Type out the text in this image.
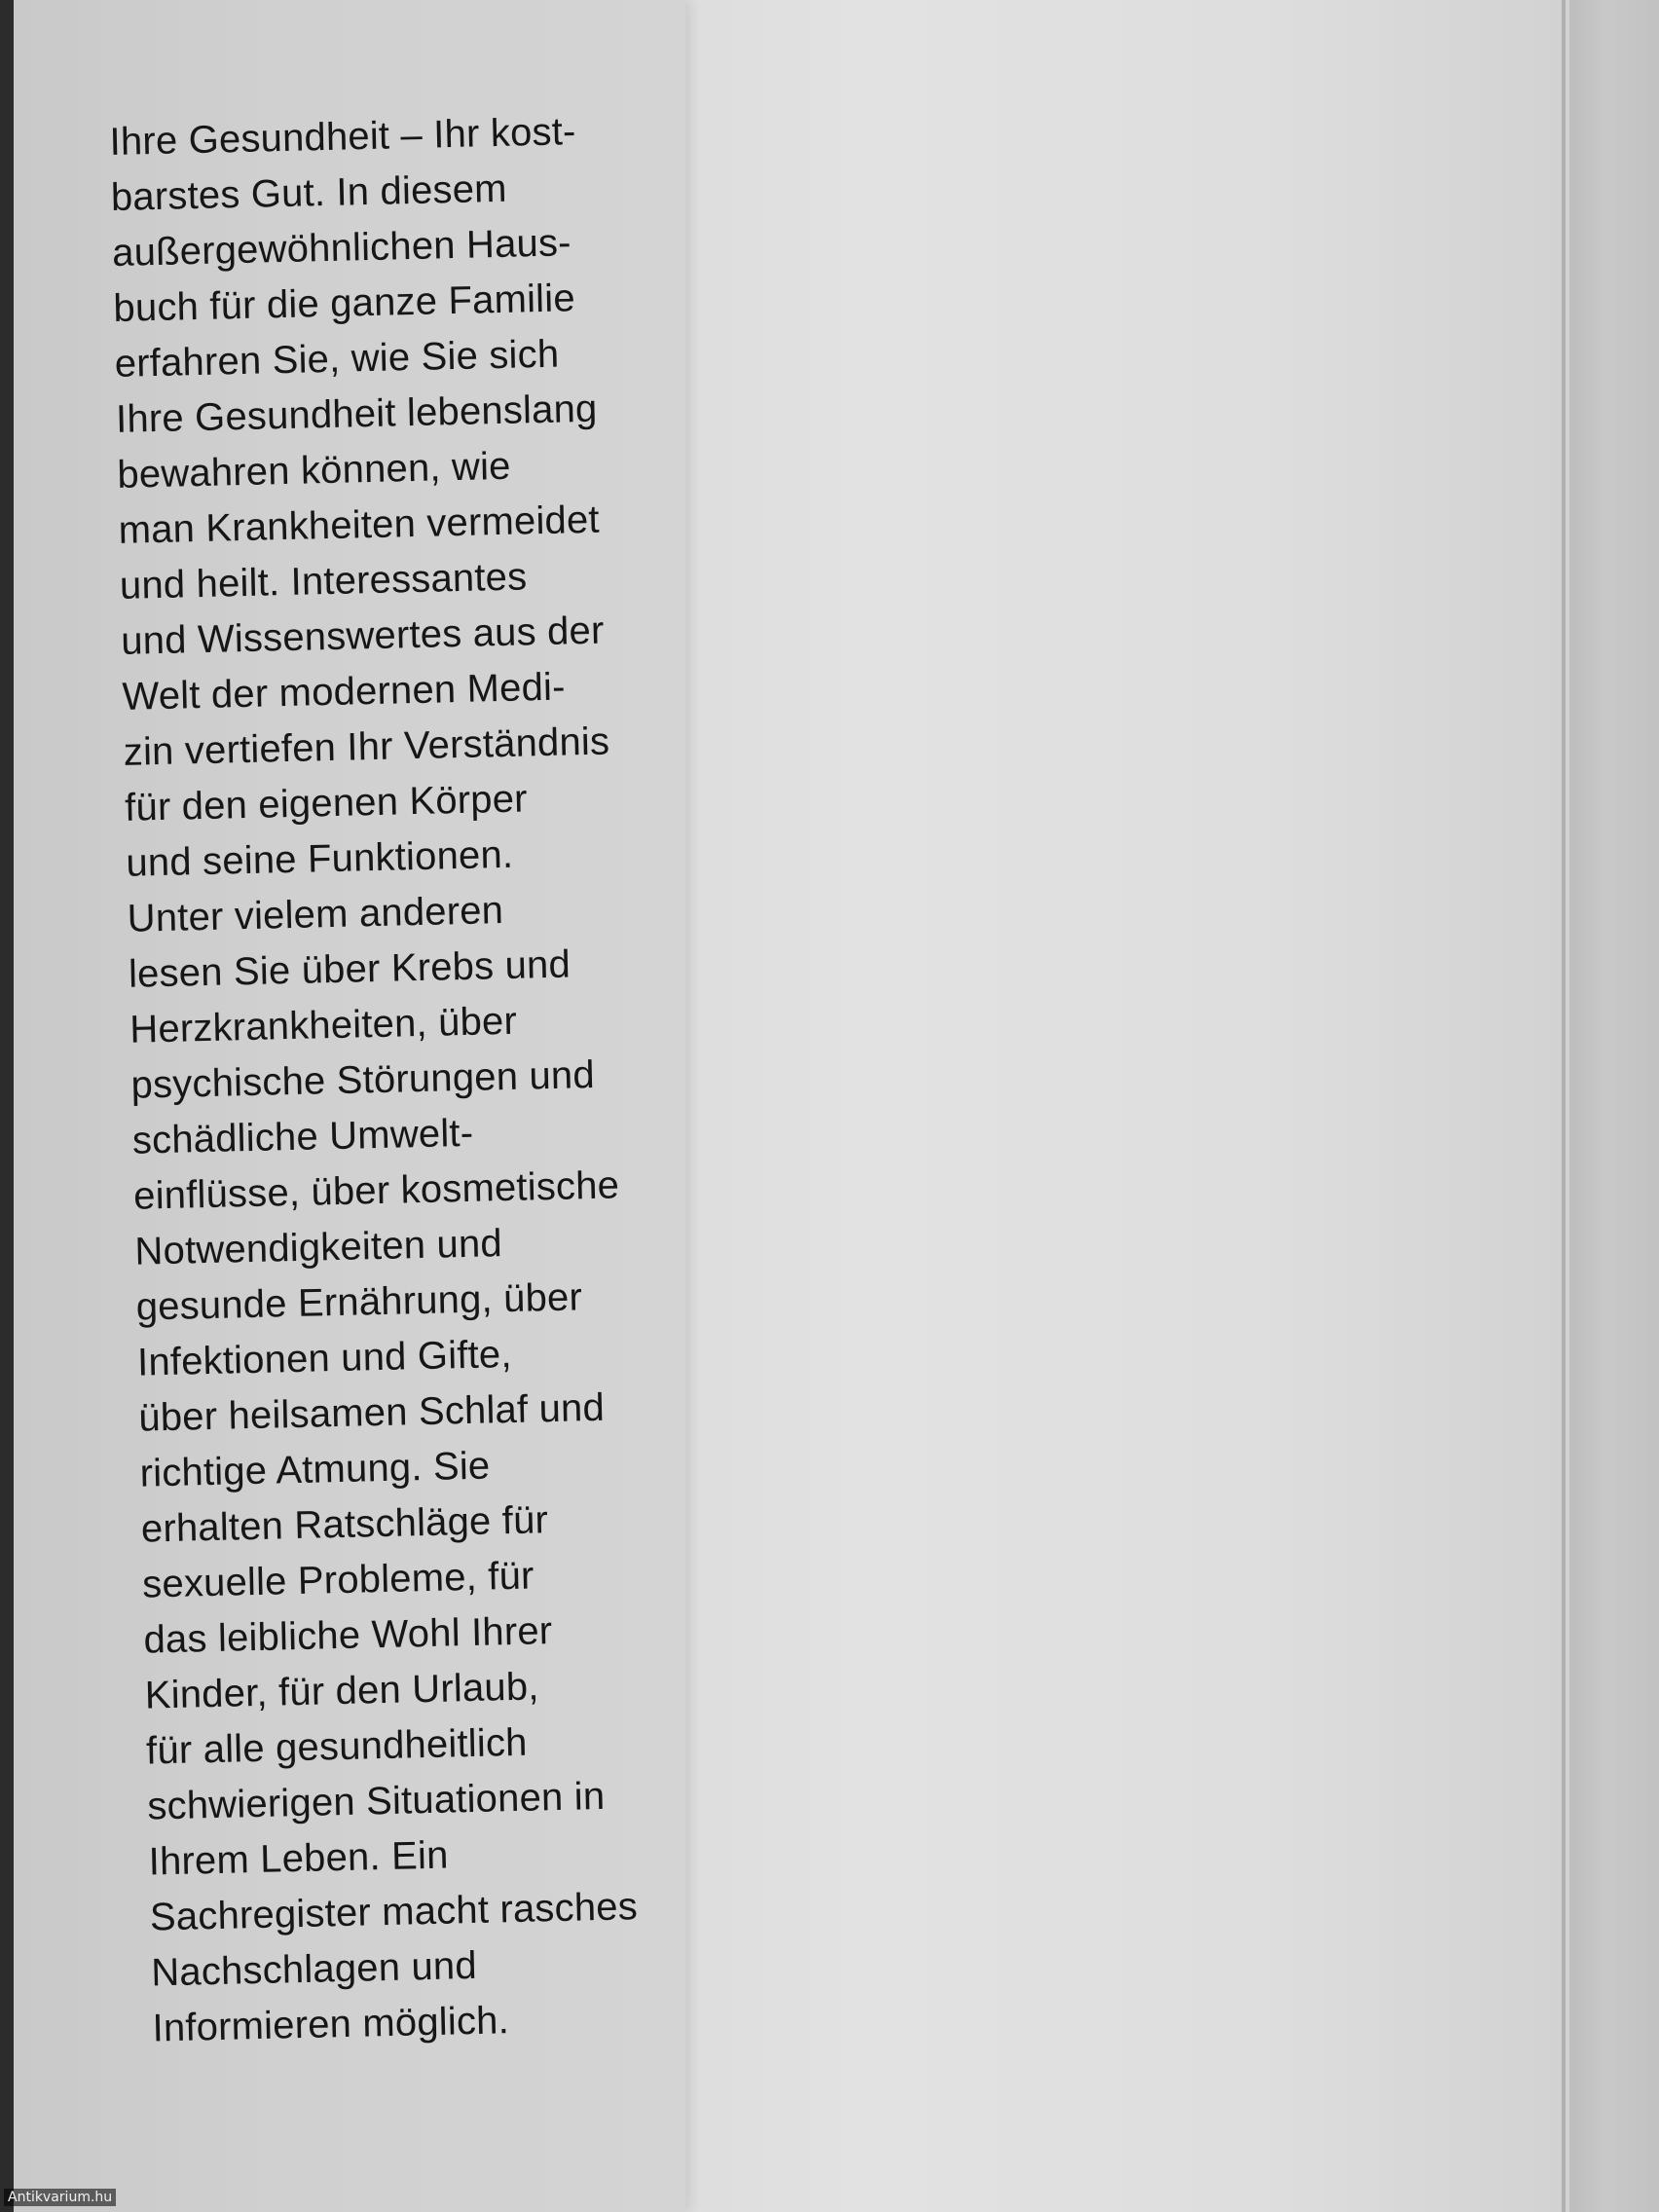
Ihre Gesundheit – Ihr kost-
barstes Gut. In diesem
außergewöhnlichen Haus-
buch für die ganze Familie
erfahren Sie, wie Sie sich
Ihre Gesundheit lebenslang
bewahren können, wie
man Krankheiten vermeidet
und heilt. Interessantes
und Wissenswertes aus der
Welt der modernen Medi-
zin vertiefen Ihr Verständnis
für den eigenen Körper
und seine Funktionen.
Unter vielem anderen
lesen Sie über Krebs und
Herzkrankheiten, über
psychische Störungen und
schädliche Umwelt-
einflüsse, über kosmetische
Notwendigkeiten und
gesunde Ernährung, über
Infektionen und Gifte,
über heilsamen Schlaf und
richtige Atmung. Sie
erhalten Ratschläge für
sexuelle Probleme, für
das leibliche Wohl Ihrer
Kinder, für den Urlaub,
für alle gesundheitlich
schwierigen Situationen in
Ihrem Leben. Ein
Sachregister macht rasches
Nachschlagen und
Informieren möglich.
Antikvarium.hu
